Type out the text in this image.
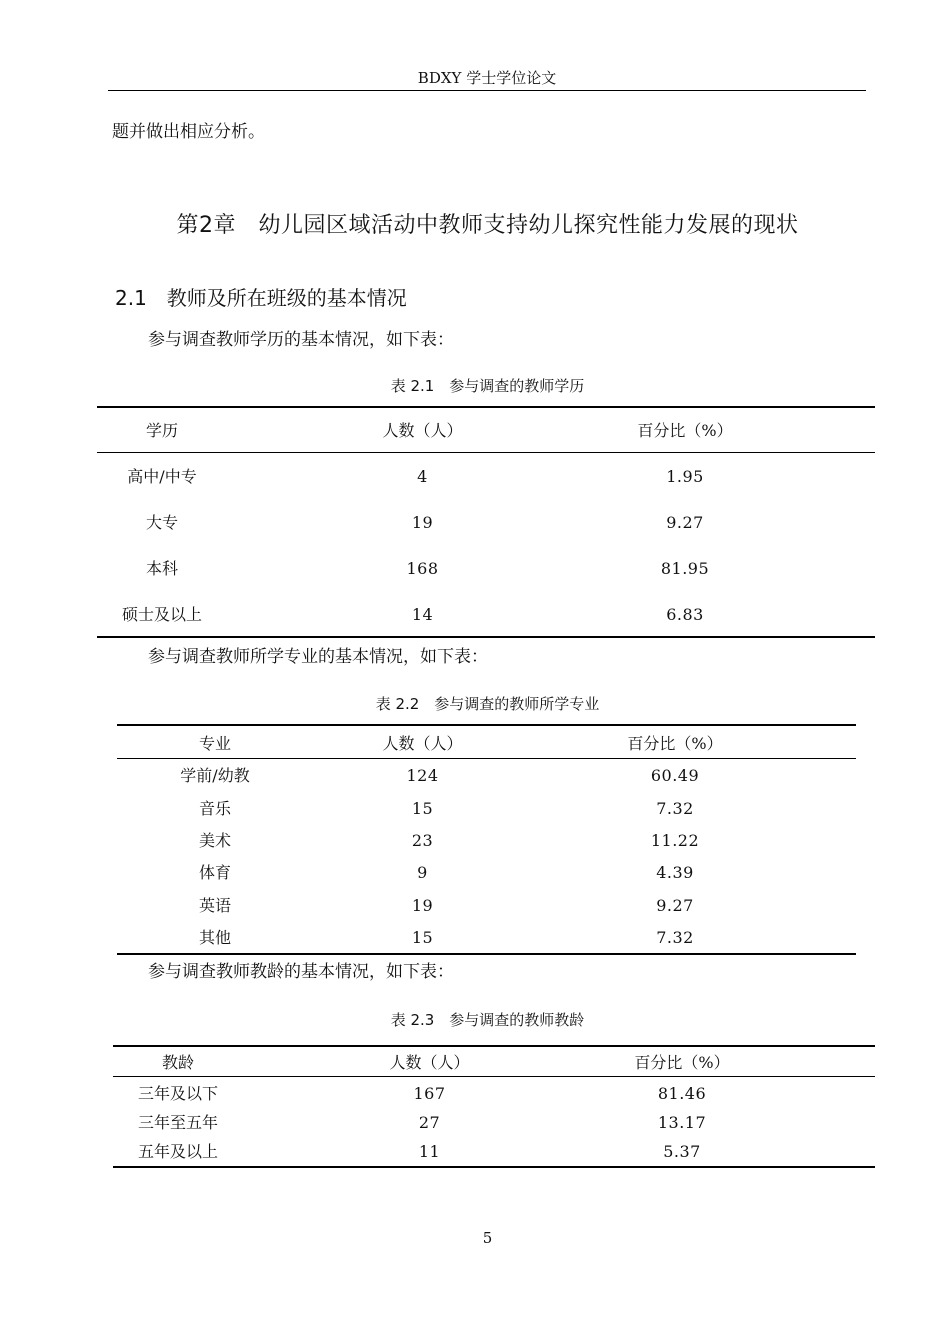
BDXY 学士学位论文
题并做出相应分析。
第2章　幼儿园区域活动中教师支持幼儿探究性能力发展的现状
2.1　教师及所在班级的基本情况
参与调查教师学历的基本情况，如下表：
表 2.1　参与调查的教师学历
学历	人数（人）	百分比（%）
高中/中专	4	1.95
大专	19	9.27
本科	168	81.95
硕士及以上	14	6.83
参与调查教师所学专业的基本情况，如下表：
表 2.2　参与调查的教师所学专业
专业	人数（人）	百分比（%）
学前/幼教	124	60.49
音乐	15	7.32
美术	23	11.22
体育	9	4.39
英语	19	9.27
其他	15	7.32
参与调查教师教龄的基本情况，如下表：
表 2.3　参与调查的教师教龄
教龄	人数（人）	百分比（%）
三年及以下	167	81.46
三年至五年	27	13.17
五年及以上	11	5.37
5
